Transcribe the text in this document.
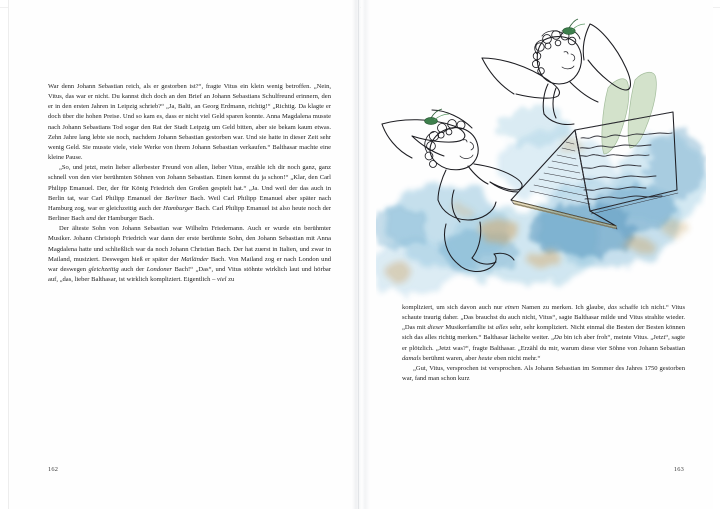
War denn Johann Sebastian reich, als er gestorben ist?“, fragte Vitus ein klein wenig betroffen. „Nein, Vitus, das war er nicht. Du kannst dich doch an den Brief an Johann Sebastians Schulfreund erinnern, den er in den ersten Jahren in Leipzig schrieb?“ „Ja, Balti, an Georg Erdmann, richtig!“ „Richtig. Da klagte er doch über die hohen Preise. Und so kam es, dass er nicht viel Geld sparen konnte. Anna Magdalena musste nach Johann Sebastians Tod sogar den Rat der Stadt Leipzig um Geld bitten, aber sie bekam kaum etwas. Zehn Jahre lang lebte sie noch, nachdem Johann Sebastian gestorben war. Und sie hatte in dieser Zeit sehr wenig Geld. Sie musste viele, viele Werke von ihrem Johann Sebastian verkaufen.“ Balthasar machte eine kleine Pause.

„So, und jetzt, mein lieber allerbester Freund von allen, lieber Vitus, erzähle ich dir noch ganz, ganz schnell von den vier berühmten Söhnen von Johann Sebastian. Einen kennst du ja schon!“ „Klar, den Carl Philipp Emanuel. Der, der für König Friedrich den Großen gespielt hat.“ „Ja. Und weil der das auch in Berlin tat, war Carl Philipp Emanuel der Berliner Bach. Weil Carl Philipp Emanuel aber später nach Hamburg zog, war er gleichzeitig auch der Hamburger Bach. Carl Philipp Emanuel ist also heute noch der Berliner Bach und der Hamburger Bach.

Der älteste Sohn von Johann Sebastian war Wilhelm Friedemann. Auch er wurde ein berühmter Musiker. Johann Christoph Friedrich war dann der erste berühmte Sohn, den Johann Sebastian mit Anna Magdalena hatte und schließlich war da noch Johann Christian Bach. Der hat zuerst in Italien, und zwar in Mailand, musiziert. Deswegen hieß er später der Mailänder Bach. Von Mailand zog er nach London und war deswegen gleichzeitig auch der Londoner Bach!“ „Das“, und Vitus stöhnte wirklich laut und hörbar auf, „das, lieber Balthasar, ist wirklich kompliziert. Eigentlich – viel zu

162

kompliziert, um sich davon auch nur einen Namen zu merken. Ich glaube, das schaffe ich nicht.“ Vitus schaute traurig daher. „Das brauchst du auch nicht, Vitus“, sagte Balthasar milde und Vitus strahlte wieder. „Das mit dieser Musikerfamilie ist alles sehr, sehr kompliziert. Nicht einmal die Besten der Besten können sich das alles richtig merken.“ Balthasar lächelte weiter. „Da bin ich aber froh“, meinte Vitus. „Jetzt“, sagte er plötzlich. „Jetzt was?“, fragte Balthasar. „Erzähl du mir, warum diese vier Söhne von Johann Sebastian damals berühmt waren, aber heute eben nicht mehr.“

„Gut, Vitus, versprochen ist versprochen. Als Johann Sebastian im Sommer des Jahres 1750 gestorben war, fand man schon kurz

163
